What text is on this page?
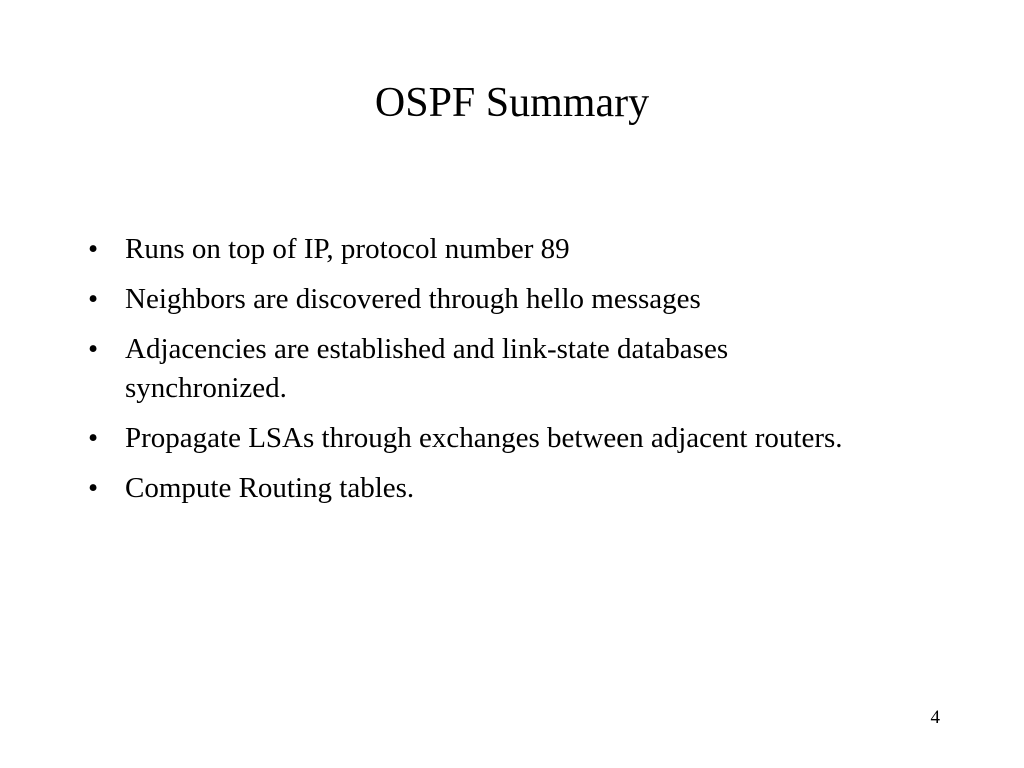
OSPF Summary
• Runs on top of IP, protocol number 89
• Neighbors are discovered through hello messages
• Adjacencies are established and link-state databases synchronized.
• Propagate LSAs through exchanges between adjacent routers.
• Compute Routing tables.
4
